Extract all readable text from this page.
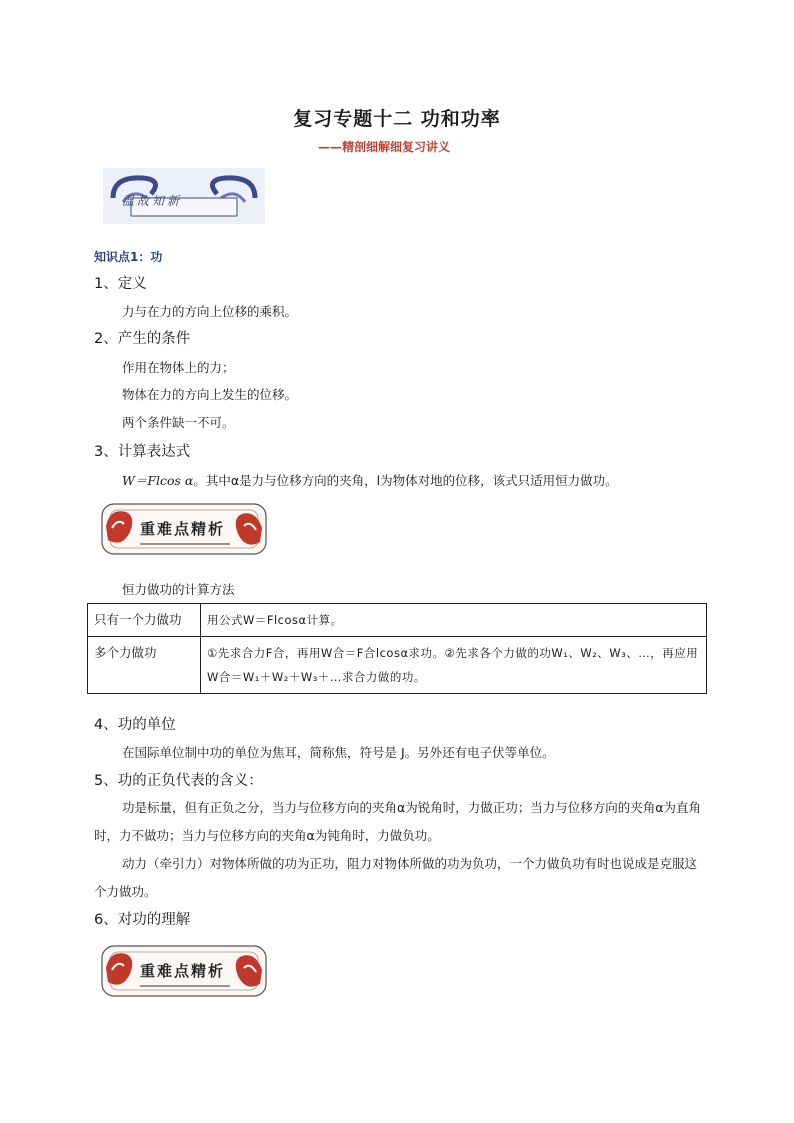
复习专题十二 功和功率
——精剖细解细复习讲义
温故知新
知识点1：功
1、定义
力与在力的方向上位移的乘积。
2、产生的条件
作用在物体上的力；
物体在力的方向上发生的位移。
两个条件缺一不可。
3、计算表达式
W＝Flcos α。其中α是力与位移方向的夹角，l为物体对地的位移，该式只适用恒力做功。
重难点精析
恒力做功的计算方法
只有一个力做功	用公式W＝Flcosα计算。
多个力做功	①先求合力F合，再用W合＝F合lcosα求功。②先求各个力做的功W₁、W₂、W₃、…，再应用W合＝W₁＋W₂＋W₃＋…求合力做的功。
4、功的单位
在国际单位制中功的单位为焦耳，简称焦，符号是 J。另外还有电子伏等单位。
5、功的正负代表的含义：
功是标量，但有正负之分，当力与位移方向的夹角α为锐角时，力做正功；当力与位移方向的夹角α为直角时，力不做功；当力与位移方向的夹角α为钝角时，力做负功。
动力（牵引力）对物体所做的功为正功，阻力对物体所做的功为负功，一个力做负功有时也说成是克服这个力做功。
6、对功的理解
重难点精析
